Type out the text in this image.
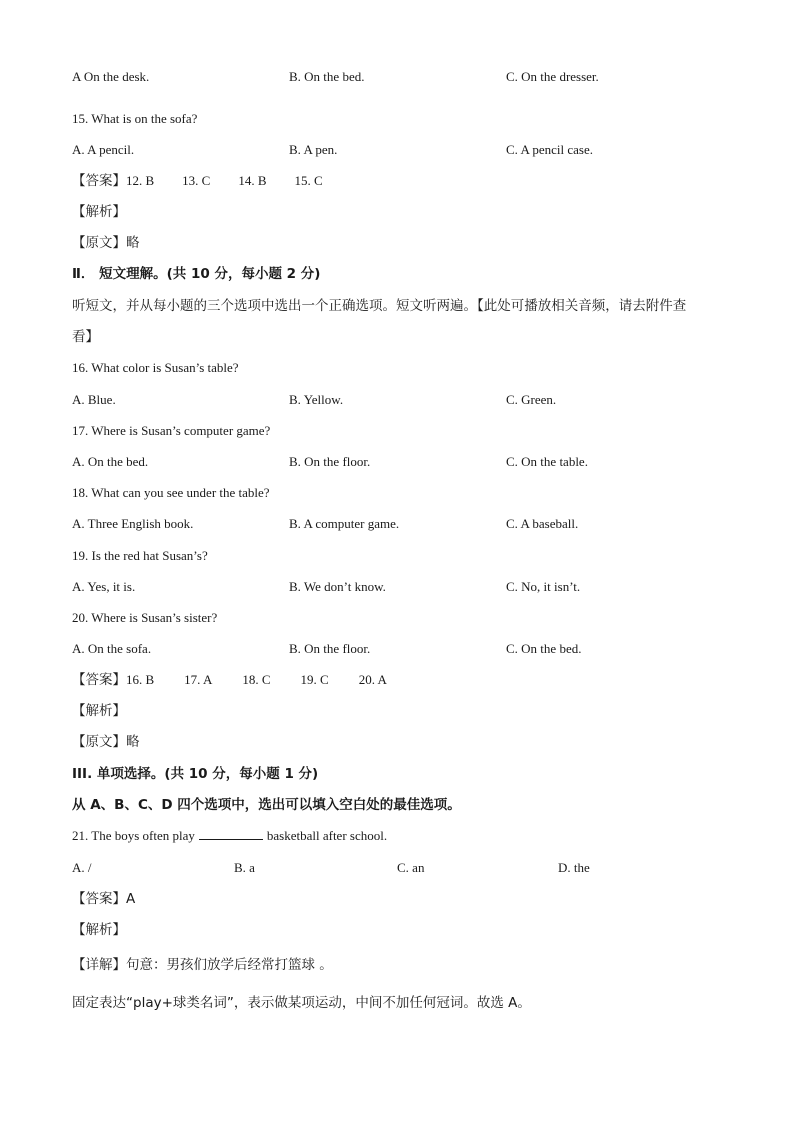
A On the desk.	B. On the bed.	C. On the dresser.
15. What is on the sofa?
A. A pencil.	B. A pen.	C. A pencil case.
【答案】12. B 13. C 14. B 15. C
【解析】
【原文】略
Ⅱ． 短文理解。(共 10 分，每小题 2 分)
听短文，并从每小题的三个选项中选出一个正确选项。短文听两遍。【此处可播放相关音频，请去附件查
看】
16. What color is Susan’s table?
A. Blue.	B. Yellow.	C. Green.
17. Where is Susan’s computer game?
A. On the bed.	B. On the floor.	C. On the table.
18. What can you see under the table?
A. Three English book.	B. A computer game.	C. A baseball.
19. Is the red hat Susan’s?
A. Yes, it is.	B. We don’t know.	C. No, it isn’t.
20. Where is Susan’s sister?
A. On the sofa.	B. On the floor.	C. On the bed.
【答案】16. B 17. A 18. C 19. C 20. A
【解析】
【原文】略
III. 单项选择。(共 10 分，每小题 1 分)
从 A、B、C、D 四个选项中，选出可以填入空白处的最佳选项。
21. The boys often play	basketball after school.
A. /	B. a	C. an	D. the
【答案】A
【解析】
【详解】句意：男孩们放学后经常打篮球 。
固定表达“play+球类名词”，表示做某项运动，中间不加任何冠词。故选 A。
